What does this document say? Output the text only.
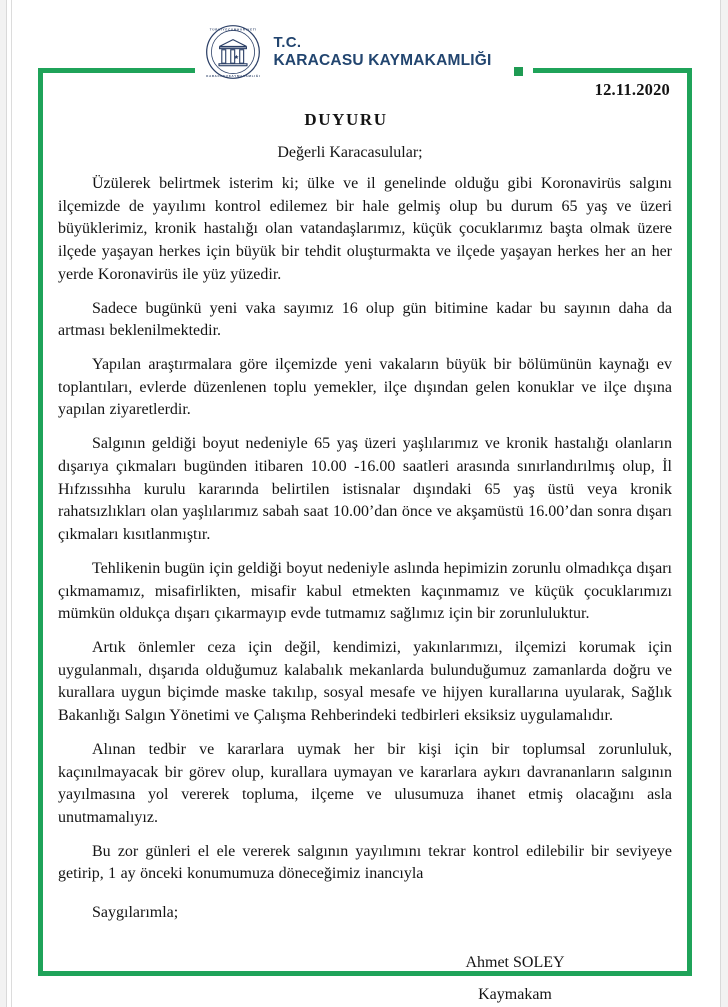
T Ü R K İ Y E C U M H U R İ Y E T İ
K A R A C A S U K A Y M A K A M L I Ğ I
T.C.
KARACASU KAYMAKAMLIĞI
12.11.2020
DUYURU
Değerli Karacasulular;

Üzülerek belirtmek isterim ki; ülke ve il genelinde olduğu gibi Koronavirüs salgını ilçemizde de yayılımı kontrol edilemez bir hale gelmiş olup bu durum 65 yaş ve üzeri büyüklerimiz, kronik hastalığı olan vatandaşlarımız, küçük çocuklarımız başta olmak üzere ilçede yaşayan herkes için büyük bir tehdit oluşturmakta ve ilçede yaşayan herkes her an her yerde Koronavirüs ile yüz yüzedir.

Sadece bugünkü yeni vaka sayımız 16 olup gün bitimine kadar bu sayının daha da artması beklenilmektedir.

Yapılan araştırmalara göre ilçemizde yeni vakaların büyük bir bölümünün kaynağı ev toplantıları, evlerde düzenlenen toplu yemekler, ilçe dışından gelen konuklar ve ilçe dışına yapılan ziyaretlerdir.

Salgının geldiği boyut nedeniyle 65 yaş üzeri yaşlılarımız ve kronik hastalığı olanların dışarıya çıkmaları bugünden itibaren 10.00 -16.00 saatleri arasında sınırlandırılmış olup, İl Hıfzıssıhha kurulu kararında belirtilen istisnalar dışındaki 65 yaş üstü veya kronik rahatsızlıkları olan yaşlılarımız sabah saat 10.00’dan önce ve akşamüstü 16.00’dan sonra dışarı çıkmaları kısıtlanmıştır.

Tehlikenin bugün için geldiği boyut nedeniyle aslında hepimizin zorunlu olmadıkça dışarı çıkmamamız, misafirlikten, misafir kabul etmekten kaçınmamız ve küçük çocuklarımızı mümkün oldukça dışarı çıkarmayıp evde tutmamız sağlımız için bir zorunluluktur.

Artık önlemler ceza için değil, kendimizi, yakınlarımızı, ilçemizi korumak için uygulanmalı, dışarıda olduğumuz kalabalık mekanlarda bulunduğumuz zamanlarda doğru ve kurallara uygun biçimde maske takılıp, sosyal mesafe ve hijyen kurallarına uyularak, Sağlık Bakanlığı Salgın Yönetimi ve Çalışma Rehberindeki tedbirleri eksiksiz uygulamalıdır.

Alınan tedbir ve kararlara uymak her bir kişi için bir toplumsal zorunluluk, kaçınılmayacak bir görev olup, kurallara uymayan ve kararlara aykırı davrananların salgının yayılmasına yol vererek topluma, ilçeme ve ulusumuza ihanet etmiş olacağını asla unutmamalıyız.

Bu zor günleri el ele vererek salgının yayılımını tekrar kontrol edilebilir bir seviyeye getirip, 1 ay önceki konumumuza döneceğimiz inancıyla

Saygılarımla;
Ahmet SOLEY
Kaymakam
